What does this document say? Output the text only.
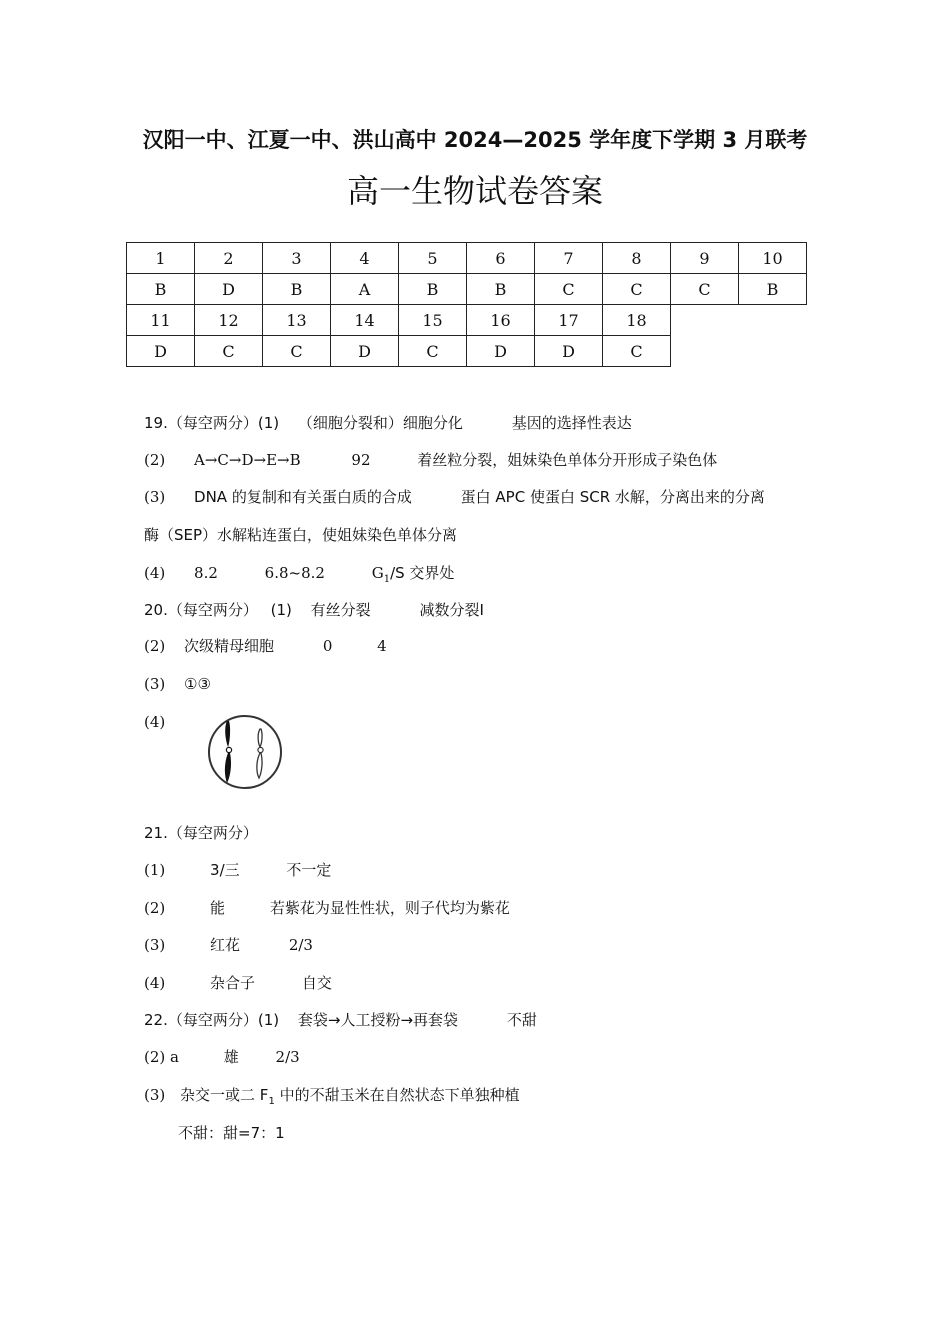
汉阳一中、江夏一中、洪山高中 2024—2025 学年度下学期 3 月联考
高一生物试卷答案
1	2	3	4	5	6	7	8	9	10
B	D	B	A	B	B	C	C	C	B
11	12	13	14	15	16	17	18		
D	C	C	D	C	D	D	C		
19.（每空两分）(1) （细胞分裂和）细胞分化	基因的选择性表达
(2) A→C→D→E→B	92	着丝粒分裂，姐妹染色单体分开形成子染色体
(3) DNA 的复制和有关蛋白质的合成	蛋白 APC 使蛋白 SCR 水解，分离出来的分离
酶（SEP）水解粘连蛋白，使姐妹染色单体分离
(4) 8.2	6.8~8.2	$G_1/S$ 交界处
20.（每空两分） (1) 有丝分裂	减数分裂Ⅰ
(2) 次级精母细胞	0	4
(3) ①③
(4)
21.（每空两分）
(1)	3/三	不一定
(2)	能	若紫花为显性性状，则子代均为紫花
(3)	红花	2/3
(4)	杂合子	自交
22.（每空两分）(1) 套袋→人工授粉→再套袋	不甜
(2) a	雄 2/3
(3) 杂交一或二 $F_1$ 中的不甜玉米在自然状态下单独种植
不甜：甜=7：1
